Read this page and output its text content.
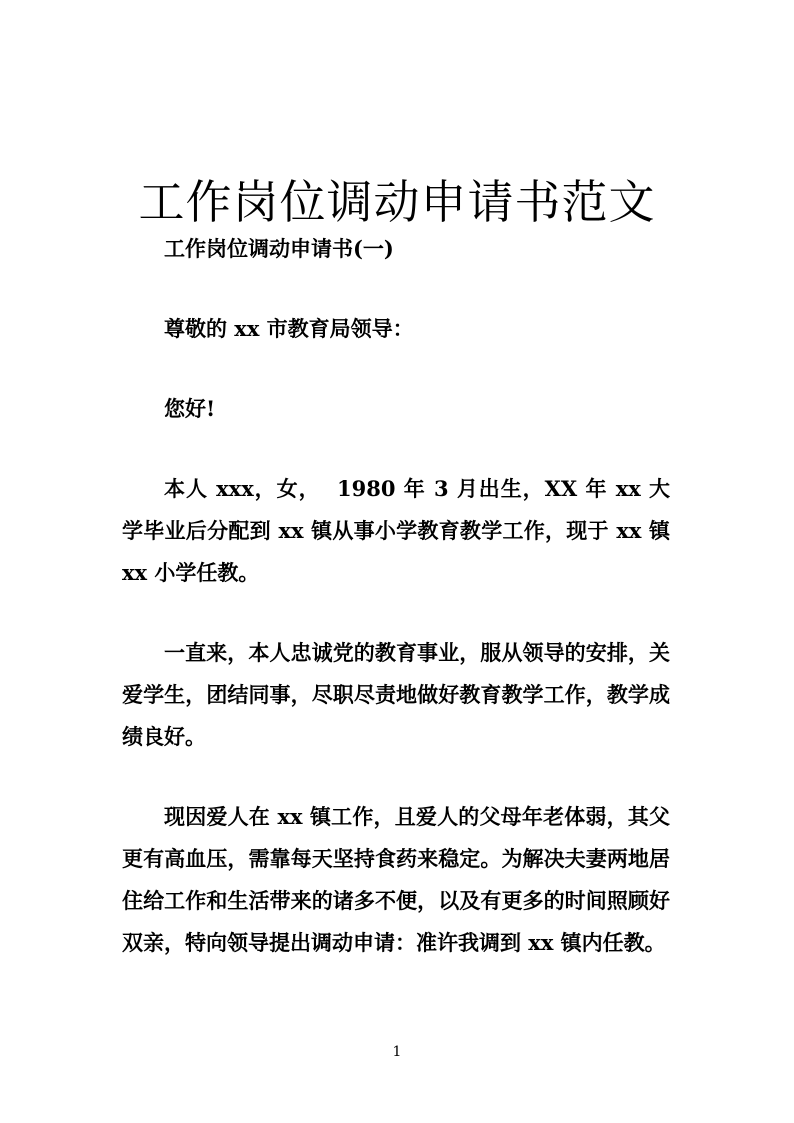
工作岗位调动申请书范文

工作岗位调动申请书(一)

尊敬的 xx 市教育局领导：

您好!

本人 xxx，女，  1980 年 3 月出生，XX 年 xx 大学毕业后分配到 xx 镇从事小学教育教学工作，现于 xx 镇 xx 小学任教。

一直来，本人忠诚党的教育事业，服从领导的安排，关爱学生，团结同事，尽职尽责地做好教育教学工作，教学成绩良好。

现因爱人在 xx 镇工作，且爱人的父母年老体弱，其父更有高血压，需靠每天坚持食药来稳定。为解决夫妻两地居住给工作和生活带来的诸多不便，以及有更多的时间照顾好双亲，特向领导提出调动申请：准许我调到 xx 镇内任教。

1
